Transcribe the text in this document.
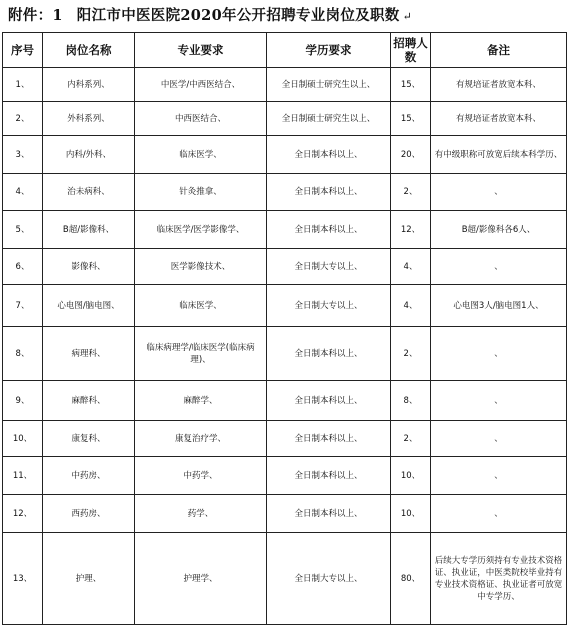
附件：1 阳江市中医医院2020年公开招聘专业岗位及职数 ↵
序号	岗位名称	专业要求	学历要求	招聘人数	备注
1、	内科系列、	中医学/中西医结合、	全日制硕士研究生以上、	15、	有规培证者放宽本科、
2、	外科系列、	中西医结合、	全日制硕士研究生以上、	15、	有规培证者放宽本科、
3、	内科/外科、	临床医学、	全日制本科以上、	20、	有中级职称可放宽后续本科学历、
4、	治未病科、	针灸推拿、	全日制本科以上、	2、	、
5、	B超/影像科、	临床医学/医学影像学、	全日制本科以上、	12、	B超/影像科各6人、
6、	影像科、	医学影像技术、	全日制大专以上、	4、	、
7、	心电图/脑电图、	临床医学、	全日制大专以上、	4、	心电图3人/脑电图1人、
8、	病理科、	临床病理学/临床医学(临床病理)、	全日制本科以上、	2、	、
9、	麻醉科、	麻醉学、	全日制本科以上、	8、	、
10、	康复科、	康复治疗学、	全日制本科以上、	2、	、
11、	中药房、	中药学、	全日制本科以上、	10、	、
12、	西药房、	药学、	全日制本科以上、	10、	、
13、	护理、	护理学、	全日制大专以上、	80、	后续大专学历须持有专业技术资格证、执业证，中医类院校毕业持有专业技术资格证、执业证者可放宽中专学历、
